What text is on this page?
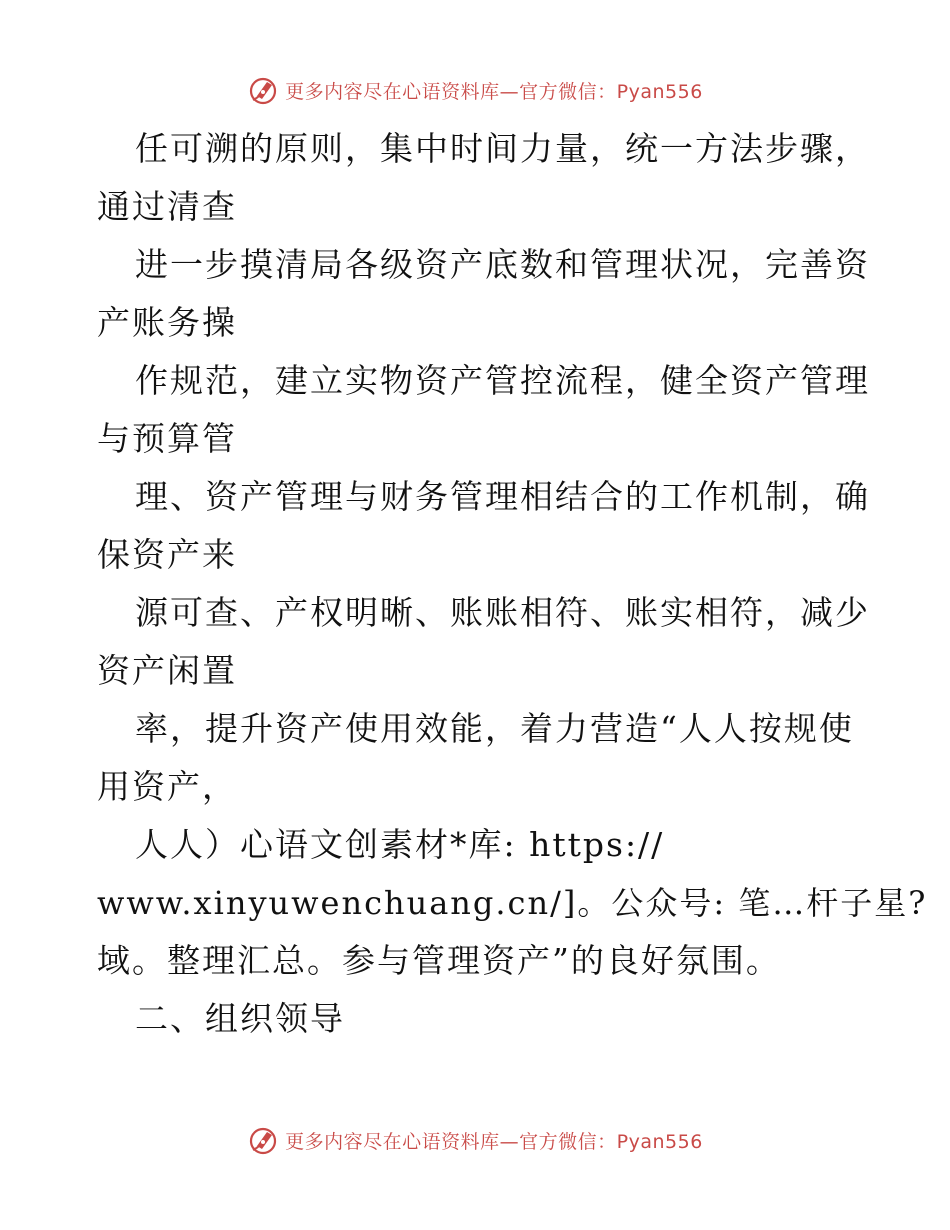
更多内容尽在心语资料库—官方微信：Pyan556
任可溯的原则，集中时间力量，统一方法步骤，
通过清查
进一步摸清局各级资产底数和管理状况，完善资
产账务操
作规范，建立实物资产管控流程，健全资产管理
与预算管
理、资产管理与财务管理相结合的工作机制，确
保资产来
源可查、产权明晰、账账相符、账实相符，减少
资产闲置
率，提升资产使用效能，着力营造“人人按规使
用资产，
人人）心语文创素材*库: https://
www.xinyuwenchuang.cn/]。公众号: 笔…杆子星?
域。整理汇总。参与管理资产”的良好氛围。
二、组织领导
更多内容尽在心语资料库—官方微信：Pyan556
